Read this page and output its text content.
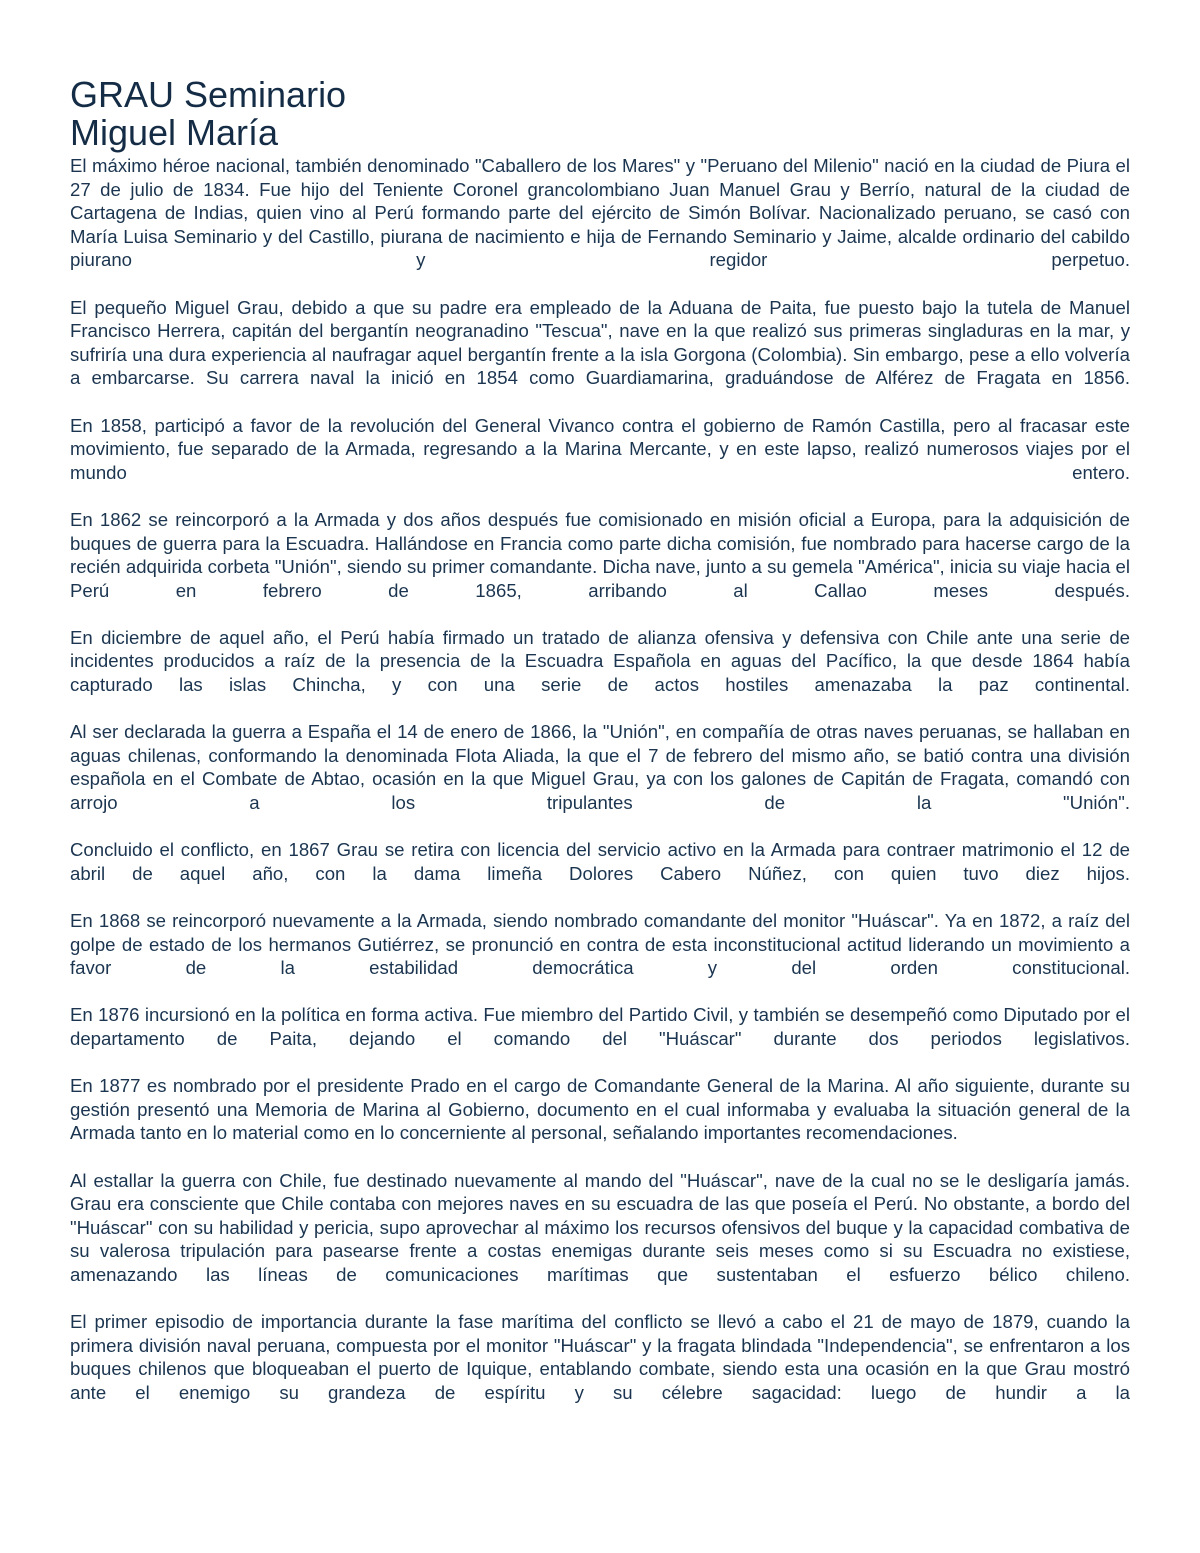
GRAU Seminario
Miguel María

El máximo héroe nacional, también denominado "Caballero de los Mares" y "Peruano del Milenio" nació en la ciudad de Piura el 27 de julio de 1834. Fue hijo del Teniente Coronel grancolombiano Juan Manuel Grau y Berrío, natural de la ciudad de Cartagena de Indias, quien vino al Perú formando parte del ejército de Simón Bolívar. Nacionalizado peruano, se casó con María Luisa Seminario y del Castillo, piurana de nacimiento e hija de Fernando Seminario y Jaime, alcalde ordinario del cabildo piurano y regidor perpetuo.

El pequeño Miguel Grau, debido a que su padre era empleado de la Aduana de Paita, fue puesto bajo la tutela de Manuel Francisco Herrera, capitán del bergantín neogranadino "Tescua", nave en la que realizó sus primeras singladuras en la mar, y sufriría una dura experiencia al naufragar aquel bergantín frente a la isla Gorgona (Colombia). Sin embargo, pese a ello volvería a embarcarse. Su carrera naval la inició en 1854 como Guardiamarina, graduándose de Alférez de Fragata en 1856.

En 1858, participó a favor de la revolución del General Vivanco contra el gobierno de Ramón Castilla, pero al fracasar este movimiento, fue separado de la Armada, regresando a la Marina Mercante, y en este lapso, realizó numerosos viajes por el mundo entero.

En 1862 se reincorporó a la Armada y dos años después fue comisionado en misión oficial a Europa, para la adquisición de buques de guerra para la Escuadra. Hallándose en Francia como parte dicha comisión, fue nombrado para hacerse cargo de la recién adquirida corbeta "Unión", siendo su primer comandante. Dicha nave, junto a su gemela "América", inicia su viaje hacia el Perú en febrero de 1865, arribando al Callao meses después.

En diciembre de aquel año, el Perú había firmado un tratado de alianza ofensiva y defensiva con Chile ante una serie de incidentes producidos a raíz de la presencia de la Escuadra Española en aguas del Pacífico, la que desde 1864 había capturado las islas Chincha, y con una serie de actos hostiles amenazaba la paz continental.

Al ser declarada la guerra a España el 14 de enero de 1866, la "Unión", en compañía de otras naves peruanas, se hallaban en aguas chilenas, conformando la denominada Flota Aliada, la que el 7 de febrero del mismo año, se batió contra una división española en el Combate de Abtao, ocasión en la que Miguel Grau, ya con los galones de Capitán de Fragata, comandó con arrojo a los tripulantes de la "Unión".

Concluido el conflicto, en 1867 Grau se retira con licencia del servicio activo en la Armada para contraer matrimonio el 12 de abril de aquel año, con la dama limeña Dolores Cabero Núñez, con quien tuvo diez hijos.

En 1868 se reincorporó nuevamente a la Armada, siendo nombrado comandante del monitor "Huáscar". Ya en 1872, a raíz del golpe de estado de los hermanos Gutiérrez, se pronunció en contra de esta inconstitucional actitud liderando un movimiento a favor de la estabilidad democrática y del orden constitucional.

En 1876 incursionó en la política en forma activa. Fue miembro del Partido Civil, y también se desempeñó como Diputado por el departamento de Paita, dejando el comando del "Huáscar" durante dos periodos legislativos.

En 1877 es nombrado por el presidente Prado en el cargo de Comandante General de la Marina. Al año siguiente, durante su gestión presentó una Memoria de Marina al Gobierno, documento en el cual informaba y evaluaba la situación general de la Armada tanto en lo material como en lo concerniente al personal, señalando importantes recomendaciones.

Al estallar la guerra con Chile, fue destinado nuevamente al mando del "Huáscar", nave de la cual no se le desligaría jamás. Grau era consciente que Chile contaba con mejores naves en su escuadra de las que poseía el Perú. No obstante, a bordo del "Huáscar" con su habilidad y pericia, supo aprovechar al máximo los recursos ofensivos del buque y la capacidad combativa de su valerosa tripulación para pasearse frente a costas enemigas durante seis meses como si su Escuadra no existiese, amenazando las líneas de comunicaciones marítimas que sustentaban el esfuerzo bélico chileno.

El primer episodio de importancia durante la fase marítima del conflicto se llevó a cabo el 21 de mayo de 1879, cuando la primera división naval peruana, compuesta por el monitor "Huáscar" y la fragata blindada "Independencia", se enfrentaron a los buques chilenos que bloqueaban el puerto de Iquique, entablando combate, siendo esta una ocasión en la que Grau mostró ante el enemigo su grandeza de espíritu y su célebre sagacidad: luego de hundir a la
